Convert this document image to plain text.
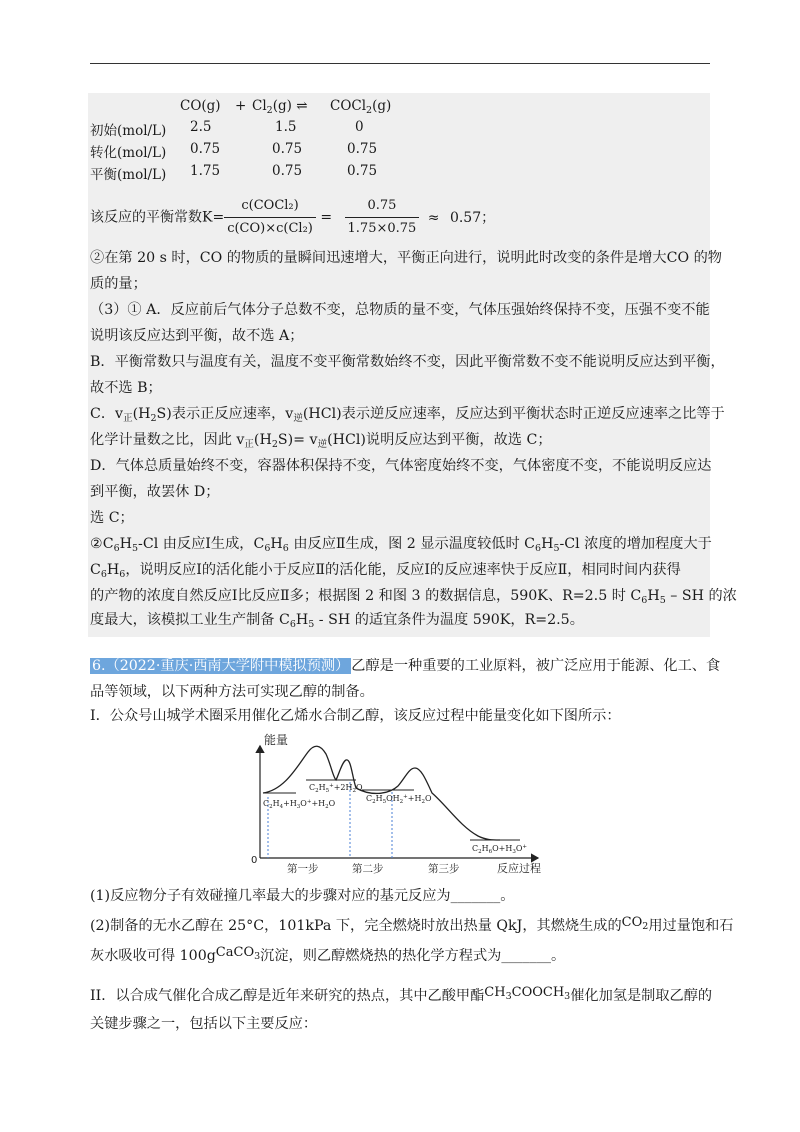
$CO(g) + Cl_2(g)$ ⇌ COCl$_2$(g)
初始(mol/L) 2.5	1.5	0
转化(mol/L) 0.75	0.75	0.75
平衡(mol/L) 1.75	0.75	0.75
该反应的平衡常数$K= \frac{\text{c(COCl₂)}}{\text{c(CO)×c(Cl₂)}} = \frac{0.75}{1.75\times 0.75} \approx 0.57$；
②在第 20 s 时，CO 的物质的量瞬间迅速增大，平衡正向进行，说明此时改变的条件是增大CO 的物
质的量；
（3）① A．反应前后气体分子总数不变，总物质的量不变，气体压强始终保持不变，压强不变不能
说明该反应达到平衡，故不选 A；
B．平衡常数只与温度有关，温度不变平衡常数始终不变，因此平衡常数不变不能说明反应达到平衡，
故不选 B；
C．$v_正(H_2S)$表示正反应速率，$v_逆(HCl)$表示逆反应速率，反应达到平衡状态时正逆反应速率之比等于
化学计量数之比，因此 $v_正(H_2S)= v_逆(HCl)$说明反应达到平衡，故选 C；
D．气体总质量始终不变，容器体积保持不变，气体密度始终不变，气体密度不变，不能说明反应达
到平衡，故罢休 D；
选 C；
$②C_6H_5-Cl$ 由反应Ⅰ生成，$C_6H_6$ 由反应Ⅱ生成，图 2 显示温度较低时 $C_6H_5-Cl$ 浓度的增加程度大于
$C_6H_6$，说明反应Ⅰ的活化能小于反应Ⅱ的活化能，反应Ⅰ的反应速率快于反应Ⅱ，相同时间内获得
的产物的浓度自然反应Ⅰ比反应Ⅱ多；根据图 2 和图 3 的数据信息，590K、R=2.5 时 $C_6H_5$ – SH 的浓
度最大，该模拟工业生产制备 $C_6H_5$ - SH 的适宜条件为温度 590K，R=2.5。
6.（2022·重庆·西南大学附中模拟预测） 乙醇是一种重要的工业原料，被广泛应用于能源、化工、食
品等领域，以下两种方法可实现乙醇的制备。
I．公众号山城学术圈采用催化乙烯水合制乙醇，该反应过程中能量变化如下图所示：
能量
0
反应过程
第一步	第二步	第三步
$C_2H_4+H_3O^++H_2O$
$C_2H_5^++2H_2O$
$C_2H_5OH_2^++H_2O$
$C_2H_6O+H_3O^+$
(1)反应物分子有效碰撞几率最大的步骤对应的基元反应为_______。
(2)制备的无水乙醇在 25°C，101kPa 下，完全燃烧时放出热量 QkJ，其燃烧生成的$CO_2$用过量饱和石
灰水吸收可得 100gCaCO$_3$沉淀，则乙醇燃烧热的热化学方程式为_______。
II．以合成气催化合成乙醇是近年来研究的热点，其中乙酸甲酯$CH_3COOCH_3$催化加氢是制取乙醇的
关键步骤之一，包括以下主要反应：
